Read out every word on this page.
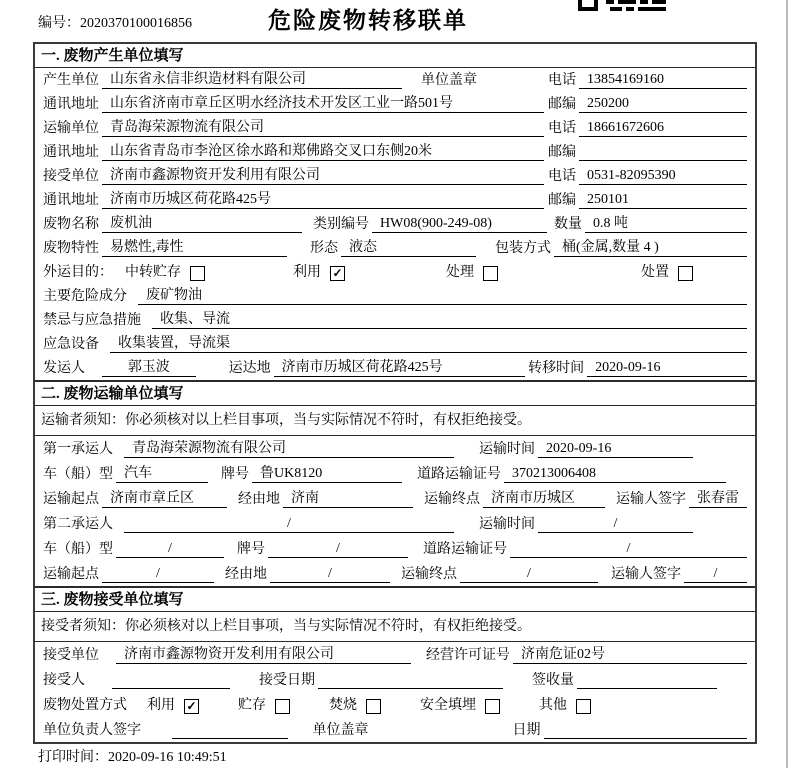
编号：2020370100016856	危险废物转移联单
一. 废物产生单位填写
产生单位 山东省永信非织造材料有限公司	单位盖章	电话 13854169160
通讯地址 山东省济南市章丘区明水经济技术开发区工业一路501号	邮编 250200
运输单位 青岛海荣源物流有限公司	电话 18661672606
通讯地址 山东省青岛市李沧区徐水路和郑佛路交叉口东侧20米	邮编
接受单位 济南市鑫源物资开发利用有限公司	电话 0531-82095390
通讯地址 济南市历城区荷花路425号	邮编 250101
废物名称 废机油	类别编号 HW08(900-249-08)	数量 0.8 吨
废物特性 易燃性,毒性	形态 液态	包装方式 桶(金属,数量 4 )
外运目的： 中转贮存	利用 ✓	处理	处置
主要危险成分	废矿物油
禁忌与应急措施	收集、导流
应急设备	收集装置，导流渠
发运人	郭玉波	运达地 济南市历城区荷花路425号	转移时间 2020-09-16
二. 废物运输单位填写
运输者须知：你必须核对以上栏目事项，当与实际情况不符时，有权拒绝接受。
第一承运人	青岛海荣源物流有限公司	运输时间 2020-09-16
车（船）型 汽车	牌号 鲁UK8120	道路运输证号 370213006408
运输起点 济南市章丘区	经由地 济南	运输终点 济南市历城区	运输人签字 张春雷
第二承运人	/	运输时间	/
车（船）型	/	牌号	/	道路运输证号	/
运输起点	/	经由地	/	运输终点	/	运输人签字	/
三. 废物接受单位填写
接受者须知：你必须核对以上栏目事项，当与实际情况不符时，有权拒绝接受。
接受单位	济南市鑫源物资开发利用有限公司	经营许可证号 济南危证02号
接受人	接受日期	签收量
废物处置方式 利用 ✓	贮存	焚烧	安全填埋	其他
单位负责人签字	单位盖章	日期
打印时间：2020-09-16 10:49:51
